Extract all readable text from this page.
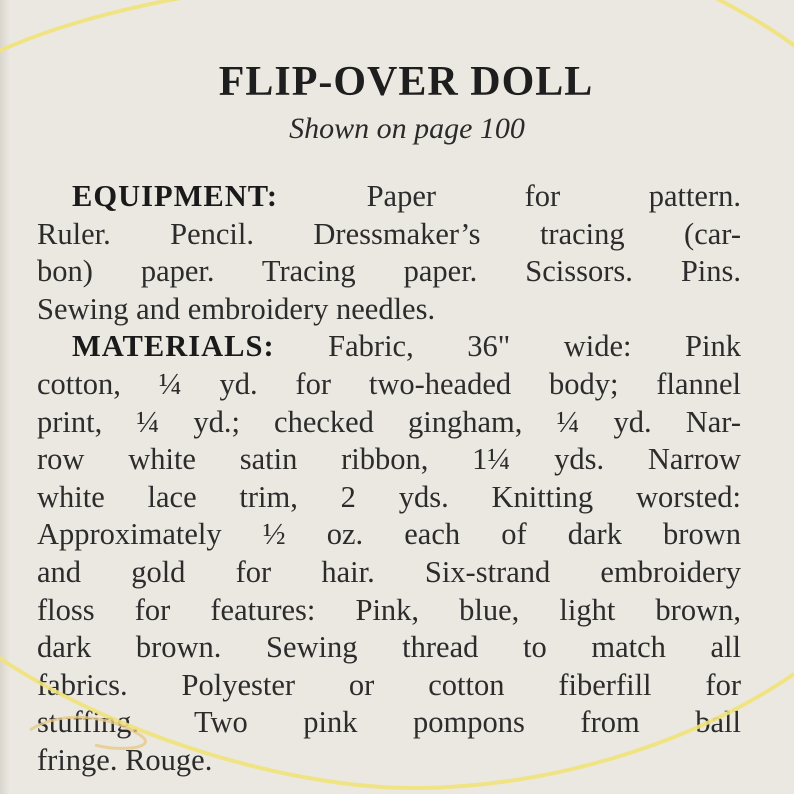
FLIP-OVER DOLL
Shown on page 100
EQUIPMENT:	Paper for pattern.
Ruler. Pencil. Dressmaker’s tracing (car-
bon) paper. Tracing paper. Scissors. Pins.
Sewing and embroidery needles.
MATERIALS: Fabric, 36" wide: Pink
cotton, ¼ yd. for two-headed body; flannel
print, ¼ yd.; checked gingham, ¼ yd. Nar-
row white satin ribbon, 1¼ yds. Narrow
white lace trim, 2 yds. Knitting worsted:
Approximately ½ oz. each of dark brown
and gold for hair. Six-strand embroidery
floss for features: Pink, blue, light brown,
dark brown. Sewing thread to match all
fabrics. Polyester or cotton fiberfill for
stuffing. Two pink pompons from ball
fringe. Rouge.
